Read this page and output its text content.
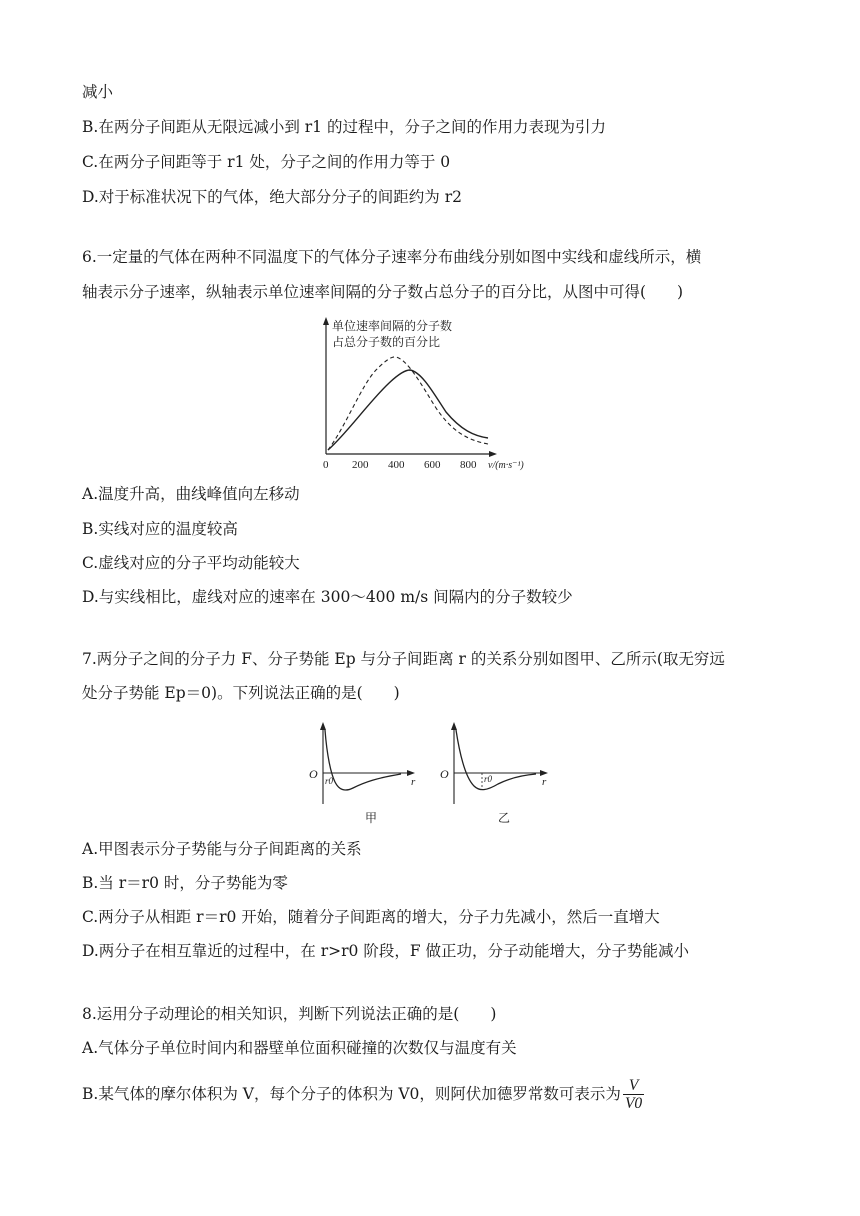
减小
B.在两分子间距从无限远减小到 r1 的过程中，分子之间的作用力表现为引力
C.在两分子间距等于 r1 处，分子之间的作用力等于 0
D.对于标准状况下的气体，绝大部分分子的间距约为 r2
6.一定量的气体在两种不同温度下的气体分子速率分布曲线分别如图中实线和虚线所示，横
轴表示分子速率，纵轴表示单位速率间隔的分子数占总分子的百分比，从图中可得(　　)
单位速率间隔的分子数
占总分子数的百分比
0 200 400 600 800 v/(m·s⁻¹)
A.温度升高，曲线峰值向左移动
B.实线对应的温度较高
C.虚线对应的分子平均动能较大
D.与实线相比，虚线对应的速率在 300～400 m/s 间隔内的分子数较少
7.两分子之间的分子力 F、分子势能 Ep 与分子间距离 r 的关系分别如图甲、乙所示(取无穷远
处分子势能 Ep＝0)。下列说法正确的是(　　)
O r0	r
甲
O	r0	r
乙
A.甲图表示分子势能与分子间距离的关系
B.当 r＝r0 时，分子势能为零
C.两分子从相距 r＝r0 开始，随着分子间距离的增大，分子力先减小，然后一直增大
D.两分子在相互靠近的过程中，在 r>r0 阶段，F 做正功，分子动能增大，分子势能减小
8.运用分子动理论的相关知识，判断下列说法正确的是(　　)
A.气体分子单位时间内和器壁单位面积碰撞的次数仅与温度有关
B.某气体的摩尔体积为 V，每个分子的体积为 V0，则阿伏加德罗常数可表示为 $\frac{V}{V0}$
